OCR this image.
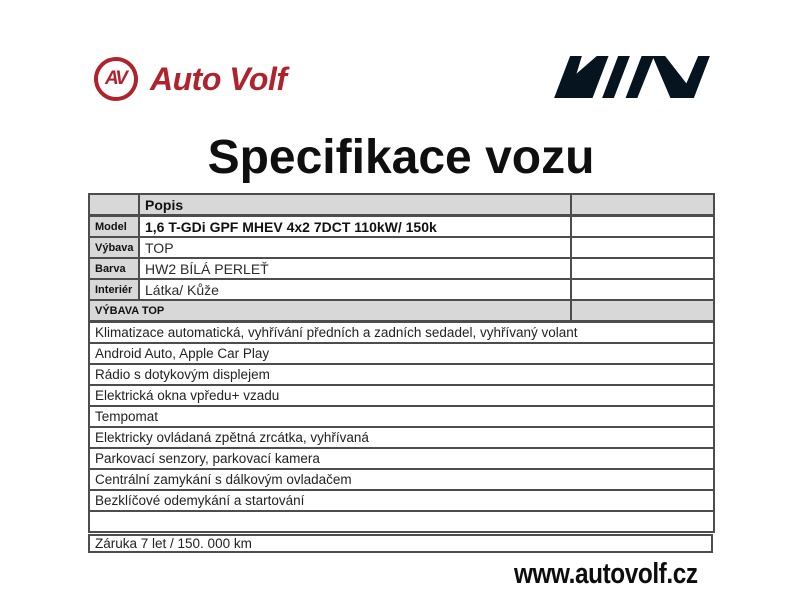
AV Auto Volf
Specifikace vozu
	Popis	
Model	1,6 T-GDi GPF MHEV 4x2 7DCT 110kW/ 150k	
Výbava	TOP	
Barva	HW2 BÍLÁ PERLEŤ	
Interiér	Látka/ Kůže	
VÝBAVA TOP		
Klimatizace automatická, vyhřívání předních a zadních sedadel, vyhřívaný volant		
Android Auto, Apple Car Play		
Rádio s dotykovým displejem		
Elektrická okna vpředu+ vzadu		
Tempomat		
Elektricky ovládaná zpětná zrcátka, vyhřívaná		
Parkovací senzory, parkovací kamera		
Centrální zamykání s dálkovým ovladačem		
Bezklíčové odemykání a startování		

Záruka 7 let / 150. 000 km
www.autovolf.cz
